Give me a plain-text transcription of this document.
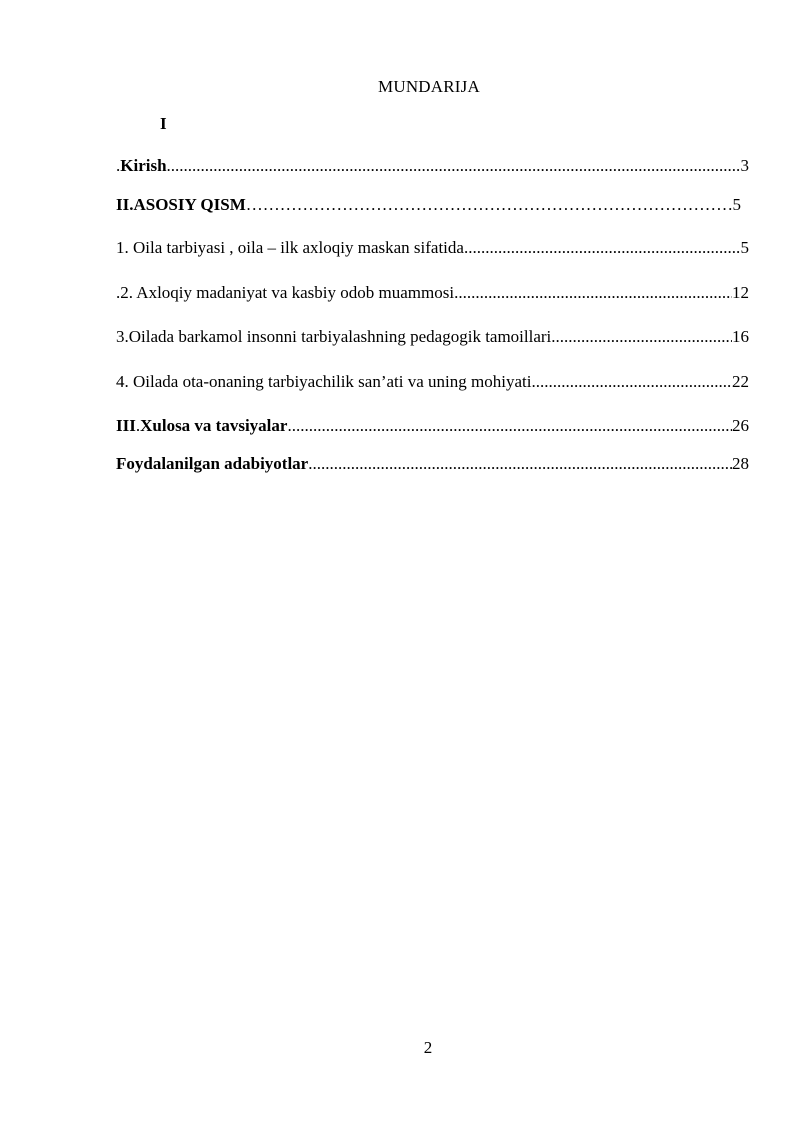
MUNDARIJA
I
.Kirish .....	3
II.ASOSIY QISM …………………………………………………………………………………………………………………………………………	5
1. Oila tarbiyasi , oila – ilk axloqiy maskan sifatida .....	5
.2. Axloqiy madaniyat va kasbiy odob muammosi .....	12
3.Oilada barkamol insonni tarbiyalashning pedagogik tamoillari .....	16
4. Oilada ota-onaning tarbiyachilik san’ati va uning mohiyati .....	22
III.Xulosa va tavsiyalar .....	26
Foydalanilgan adabiyotlar .....	28
2
